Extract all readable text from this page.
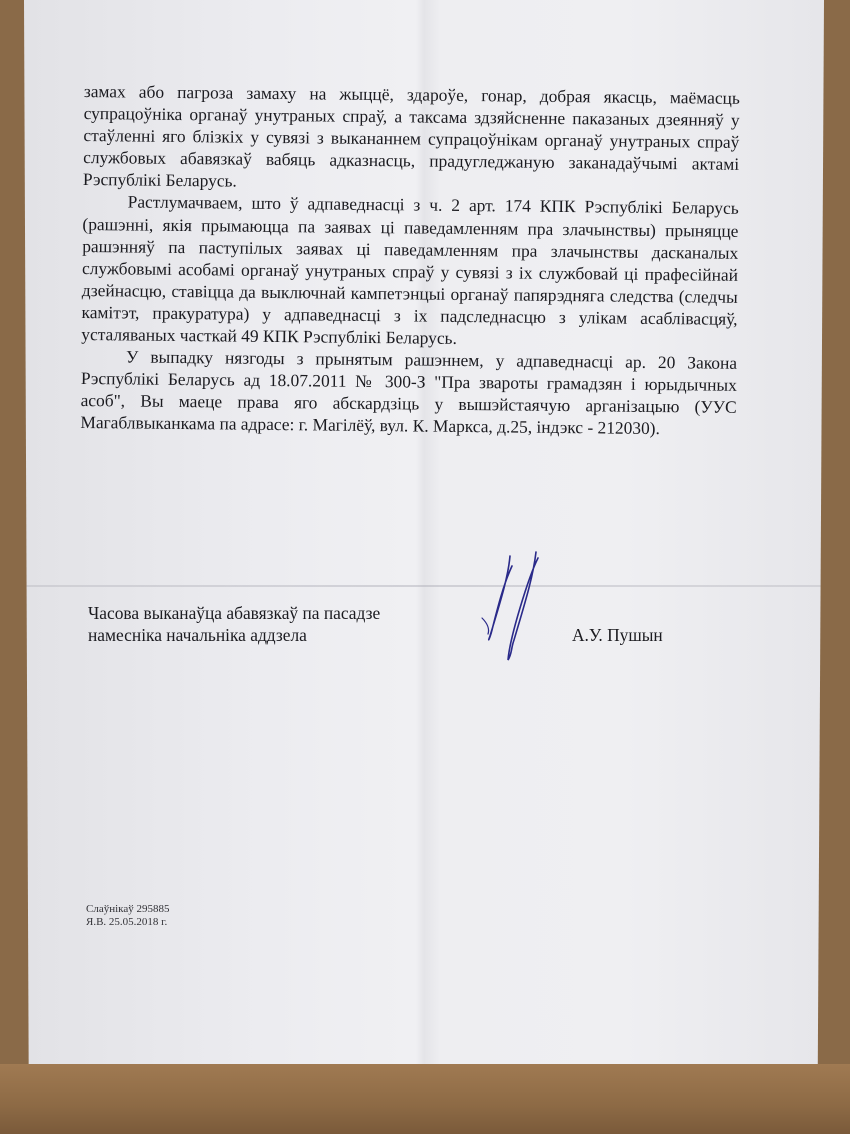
замах або пагроза замаху на жыццё, здароўе, гонар, добрая якасць, маёмасць супрацоўніка органаў унутраных спраў, а таксама здзяйсненне паказаных дзеянняў у стаўленні яго блізкіх у сувязі з выкананнем супрацоўнікам органаў унутраных спраў службовых абавязкаў вабяць адказнасць, прадугледжаную заканадаўчымі актамі Рэспублікі Беларусь.

Растлумачваем, што ў адпаведнасці з ч. 2 арт. 174 КПК Рэспублікі Беларусь (рашэнні, якія прымаюцца па заявах ці паведамленням пра злачынствы) прыняцце рашэнняў па паступілых заявах ці паведамленням пра злачынствы дасканалых службовымі асобамі органаў унутраных спраў у сувязі з іх службовай ці прафесійнай дзейнасцю, ставіцца да выключнай кампетэнцыі органаў папярэдняга следства (следчы камітэт, пракуратура) у адпаведнасці з іх падследнасцю з улікам асаблівасцяў, усталяваных часткай 49 КПК Рэспублікі Беларусь.

У выпадку нязгоды з прынятым рашэннем, у адпаведнасці ар. 20 Закона Рэспублікі Беларусь ад 18.07.2011 № 300-З "Пра звароты грамадзян і юрыдычных асоб", Вы маеце права яго абскардзіць у вышэйстаячую арганізацыю (УУС Магаблвыканкама па адрасе: г. Магілёў, вул. К. Маркса, д.25, індэкс - 212030).

Часова выканаўца абавязкаў па пасадзе
намесніка начальніка аддзела	А.У. Пушын
Слаўнікаў 295885
Я.В. 25.05.2018 г.
